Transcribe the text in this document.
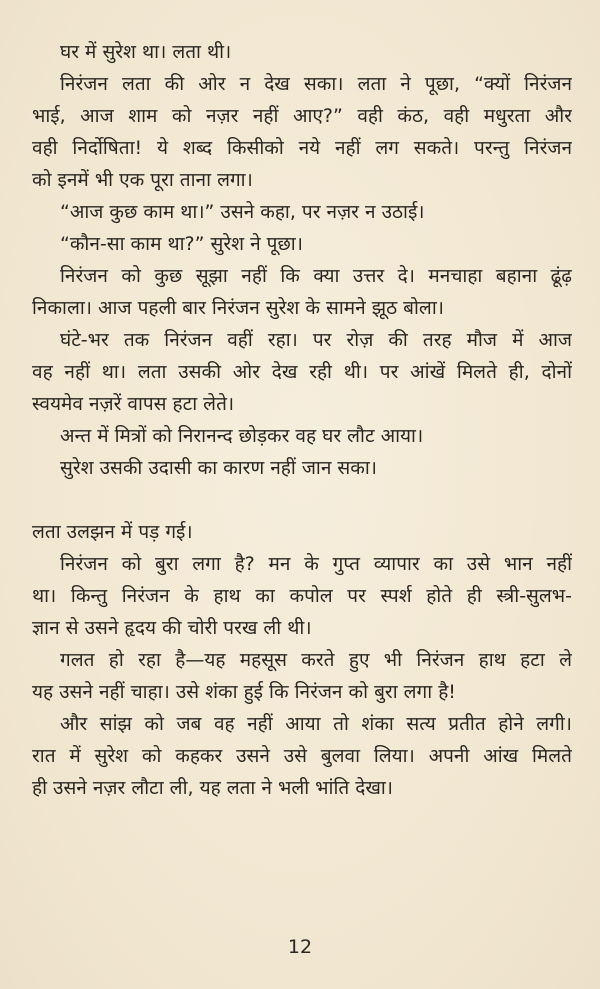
घर में सुरेश था। लता थी।
निरंजन लता की ओर न देख सका। लता ने पूछा, “क्यों निरंजन
भाई, आज शाम को नज़र नहीं आए?” वही कंठ, वही मधुरता और
वही निर्दोषिता! ये शब्द किसीको नये नहीं लग सकते। परन्तु निरंजन
को इनमें भी एक पूरा ताना लगा।
“आज कुछ काम था।” उसने कहा, पर नज़र न उठाई।
“कौन-सा काम था?” सुरेश ने पूछा।
निरंजन को कुछ सूझा नहीं कि क्या उत्तर दे। मनचाहा बहाना ढूंढ़
निकाला। आज पहली बार निरंजन सुरेश के सामने झूठ बोला।
घंटे-भर तक निरंजन वहीं रहा। पर रोज़ की तरह मौज में आज
वह नहीं था। लता उसकी ओर देख रही थी। पर आंखें मिलते ही, दोनों
स्वयमेव नज़रें वापस हटा लेते।
अन्त में मित्रों को निरानन्द छोड़कर वह घर लौट आया।
सुरेश उसकी उदासी का कारण नहीं जान सका।
लता उलझन में पड़ गई।
निरंजन को बुरा लगा है? मन के गुप्त व्यापार का उसे भान नहीं
था। किन्तु निरंजन के हाथ का कपोल पर स्पर्श होते ही स्त्री-सुलभ-
ज्ञान से उसने हृदय की चोरी परख ली थी।
गलत हो रहा है—यह महसूस करते हुए भी निरंजन हाथ हटा ले
यह उसने नहीं चाहा। उसे शंका हुई कि निरंजन को बुरा लगा है!
और सांझ को जब वह नहीं आया तो शंका सत्य प्रतीत होने लगी।
रात में सुरेश को कहकर उसने उसे बुलवा लिया। अपनी आंख मिलते
ही उसने नज़र लौटा ली, यह लता ने भली भांति देखा।
12
